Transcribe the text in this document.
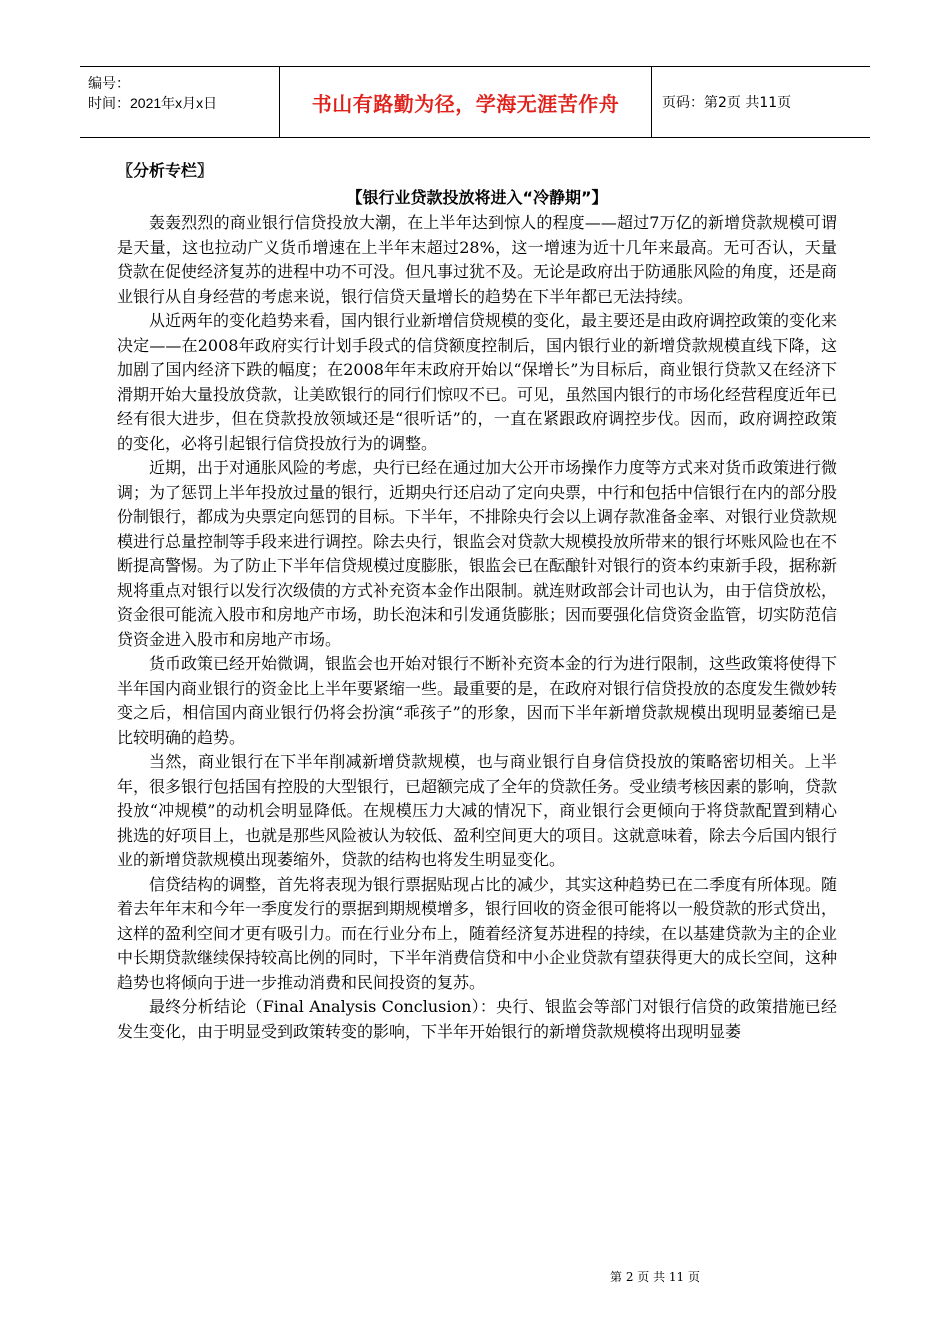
编号：
时间：2021年x月x日	书山有路勤为径，学海无涯苦作舟	页码：第2页 共11页
〖分析专栏〗
【银行业贷款投放将进入“冷静期”】

轰轰烈烈的商业银行信贷投放大潮，在上半年达到惊人的程度——超过7万亿的新增贷款规模可谓是天量，这也拉动广义货币增速在上半年末超过28%，这一增速为近十几年来最高。无可否认，天量贷款在促使经济复苏的进程中功不可没。但凡事过犹不及。无论是政府出于防通胀风险的角度，还是商业银行从自身经营的考虑来说，银行信贷天量增长的趋势在下半年都已无法持续。

从近两年的变化趋势来看，国内银行业新增信贷规模的变化，最主要还是由政府调控政策的变化来决定——在2008年政府实行计划手段式的信贷额度控制后，国内银行业的新增贷款规模直线下降，这加剧了国内经济下跌的幅度；在2008年年末政府开始以“保增长”为目标后，商业银行贷款又在经济下滑期开始大量投放贷款，让美欧银行的同行们惊叹不已。可见，虽然国内银行的市场化经营程度近年已经有很大进步，但在贷款投放领域还是“很听话”的，一直在紧跟政府调控步伐。因而，政府调控政策的变化，必将引起银行信贷投放行为的调整。

近期，出于对通胀风险的考虑，央行已经在通过加大公开市场操作力度等方式来对货币政策进行微调；为了惩罚上半年投放过量的银行，近期央行还启动了定向央票，中行和包括中信银行在内的部分股份制银行，都成为央票定向惩罚的目标。下半年，不排除央行会以上调存款准备金率、对银行业贷款规模进行总量控制等手段来进行调控。除去央行，银监会对贷款大规模投放所带来的银行坏账风险也在不断提高警惕。为了防止下半年信贷规模过度膨胀，银监会已在酝酿针对银行的资本约束新手段，据称新规将重点对银行以发行次级债的方式补充资本金作出限制。就连财政部会计司也认为，由于信贷放松，资金很可能流入股市和房地产市场，助长泡沫和引发通货膨胀；因而要强化信贷资金监管，切实防范信贷资金进入股市和房地产市场。

货币政策已经开始微调，银监会也开始对银行不断补充资本金的行为进行限制，这些政策将使得下半年国内商业银行的资金比上半年要紧缩一些。最重要的是，在政府对银行信贷投放的态度发生微妙转变之后，相信国内商业银行仍将会扮演“乖孩子”的形象，因而下半年新增贷款规模出现明显萎缩已是比较明确的趋势。

当然，商业银行在下半年削减新增贷款规模，也与商业银行自身信贷投放的策略密切相关。上半年，很多银行包括国有控股的大型银行，已超额完成了全年的贷款任务。受业绩考核因素的影响，贷款投放“冲规模”的动机会明显降低。在规模压力大减的情况下，商业银行会更倾向于将贷款配置到精心挑选的好项目上，也就是那些风险被认为较低、盈利空间更大的项目。这就意味着，除去今后国内银行业的新增贷款规模出现萎缩外，贷款的结构也将发生明显变化。

信贷结构的调整，首先将表现为银行票据贴现占比的减少，其实这种趋势已在二季度有所体现。随着去年年末和今年一季度发行的票据到期规模增多，银行回收的资金很可能将以一般贷款的形式贷出，这样的盈利空间才更有吸引力。而在行业分布上，随着经济复苏进程的持续，在以基建贷款为主的企业中长期贷款继续保持较高比例的同时，下半年消费信贷和中小企业贷款有望获得更大的成长空间，这种趋势也将倾向于进一步推动消费和民间投资的复苏。

最终分析结论（Final Analysis Conclusion）：央行、银监会等部门对银行信贷的政策措施已经发生变化，由于明显受到政策转变的影响，下半年开始银行的新增贷款规模将出现明显萎

第 2 页 共 11 页
